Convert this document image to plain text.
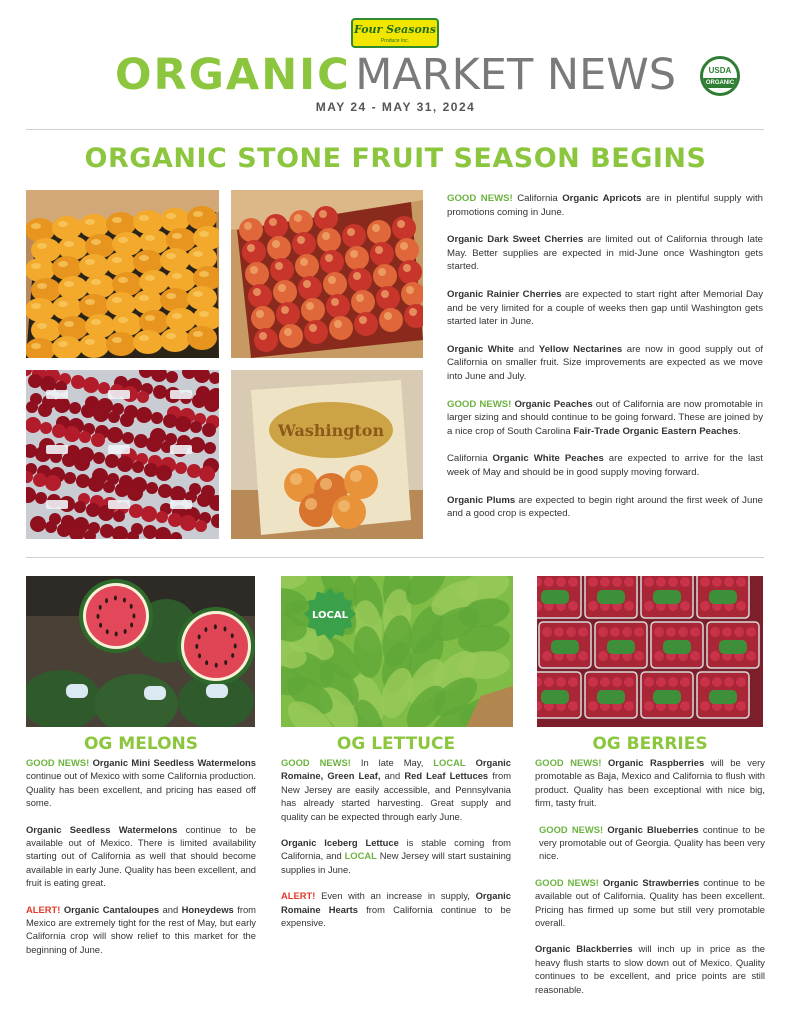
Four Seasons
Produce Inc.
ORGANIC MARKET NEWS
MAY 24 - MAY 31, 2024
USDA
ORGANIC
ORGANIC STONE FRUIT SEASON BEGINS
Washington

GOOD NEWS! California Organic Apricots are in plentiful supply with promotions coming in June.

Organic Dark Sweet Cherries are limited out of California through late May. Better supplies are expected in mid-June once Washington gets started.

Organic Rainier Cherries are expected to start right after Memorial Day and be very limited for a couple of weeks then gap until Washington gets started later in June.

Organic White and Yellow Nectarines are now in good supply out of California on smaller fruit. Size improvements are expected as we move into June and July.

GOOD NEWS! Organic Peaches out of California are now promotable in larger sizing and should continue to be going forward. These are joined by a nice crop of South Carolina Fair-Trade Organic Eastern Peaches.

California Organic White Peaches are expected to arrive for the last week of May and should be in good supply moving forward.

Organic Plums are expected to begin right around the first week of June and a good crop is expected.

LOCAL
OG MELONS	OG LETTUCE	OG BERRIES

GOOD NEWS! Organic Mini Seedless Watermelons continue out of Mexico with some California production. Quality has been excellent, and pricing has eased off some.

Organic Seedless Watermelons continue to be available out of Mexico. There is limited availability starting out of California as well that should become available in early June. Quality has been excellent, and fruit is eating great.

ALERT! Organic Cantaloupes and Honeydews from Mexico are extremely tight for the rest of May, but early California crop will show relief to this market for the beginning of June.

GOOD NEWS! In late May, LOCAL Organic Romaine, Green Leaf, and Red Leaf Lettuces from New Jersey are easily accessible, and Pennsylvania has already started harvesting. Great supply and quality can be expected through early June.

Organic Iceberg Lettuce is stable coming from California, and LOCAL New Jersey will start sustaining supplies in June.

ALERT! Even with an increase in supply, Organic Romaine Hearts from California continue to be expensive.

GOOD NEWS! Organic Raspberries will be very promotable as Baja, Mexico and California to flush with product. Quality has been exceptional with nice big, firm, tasty fruit.

GOOD NEWS! Organic Blueberries continue to be very promotable out of Georgia. Quality has been very nice.

GOOD NEWS! Organic Strawberries continue to be available out of California. Quality has been excellent. Pricing has firmed up some but still very promotable overall.

Organic Blackberries will inch up in price as the heavy flush starts to slow down out of Mexico. Quality continues to be excellent, and price points are still reasonable.
